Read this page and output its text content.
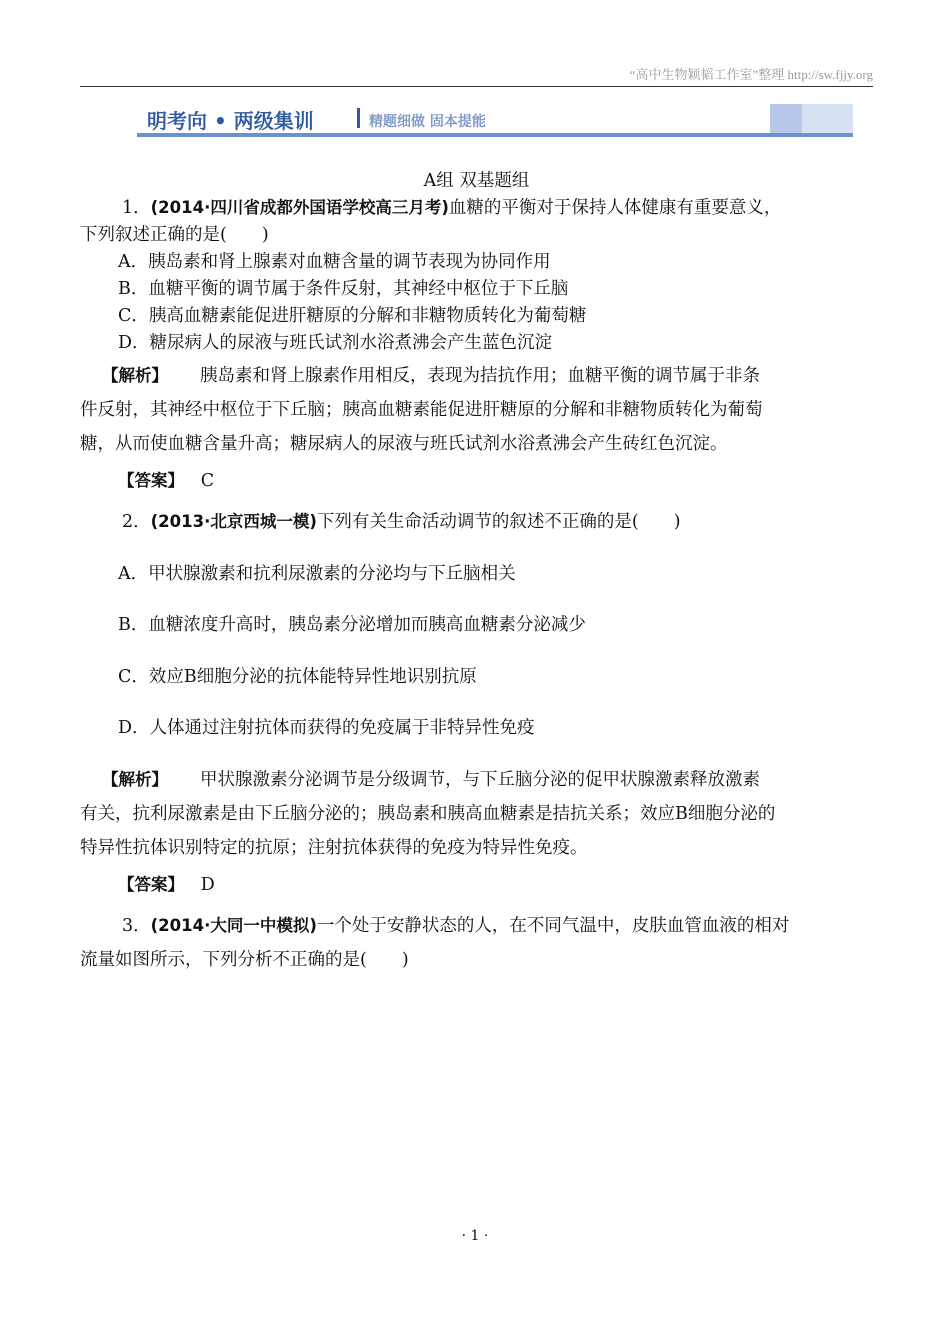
“高中生物颖韬工作室”整理 http://sw.fjjy.org
明考向 • 两级集训	精题细做 固本提能

A组 双基题组

1．(2014·四川省成都外国语学校高三月考)血糖的平衡对于保持人体健康有重要意义，

下列叙述正确的是(　　)

A．胰岛素和肾上腺素对血糖含量的调节表现为协同作用

B．血糖平衡的调节属于条件反射，其神经中枢位于下丘脑

C．胰高血糖素能促进肝糖原的分解和非糖物质转化为葡萄糖

D．糖尿病人的尿液与班氏试剂水浴煮沸会产生蓝色沉淀

【解析】 胰岛素和肾上腺素作用相反，表现为拮抗作用；血糖平衡的调节属于非条

件反射，其神经中枢位于下丘脑；胰高血糖素能促进肝糖原的分解和非糖物质转化为葡萄

糖，从而使血糖含量升高；糖尿病人的尿液与班氏试剂水浴煮沸会产生砖红色沉淀。

【答案】 C

2．(2013·北京西城一模)下列有关生命活动调节的叙述不正确的是(　　)

A．甲状腺激素和抗利尿激素的分泌均与下丘脑相关

B．血糖浓度升高时，胰岛素分泌增加而胰高血糖素分泌减少

C．效应B细胞分泌的抗体能特异性地识别抗原

D．人体通过注射抗体而获得的免疫属于非特异性免疫

【解析】 甲状腺激素分泌调节是分级调节，与下丘脑分泌的促甲状腺激素释放激素

有关，抗利尿激素是由下丘脑分泌的；胰岛素和胰高血糖素是拮抗关系；效应B细胞分泌的

特异性抗体识别特定的抗原；注射抗体获得的免疫为特异性免疫。

【答案】 D

3．(2014·大同一中模拟)一个处于安静状态的人，在不同气温中，皮肤血管血液的相对

流量如图所示，下列分析不正确的是(　　)

· 1 ·
